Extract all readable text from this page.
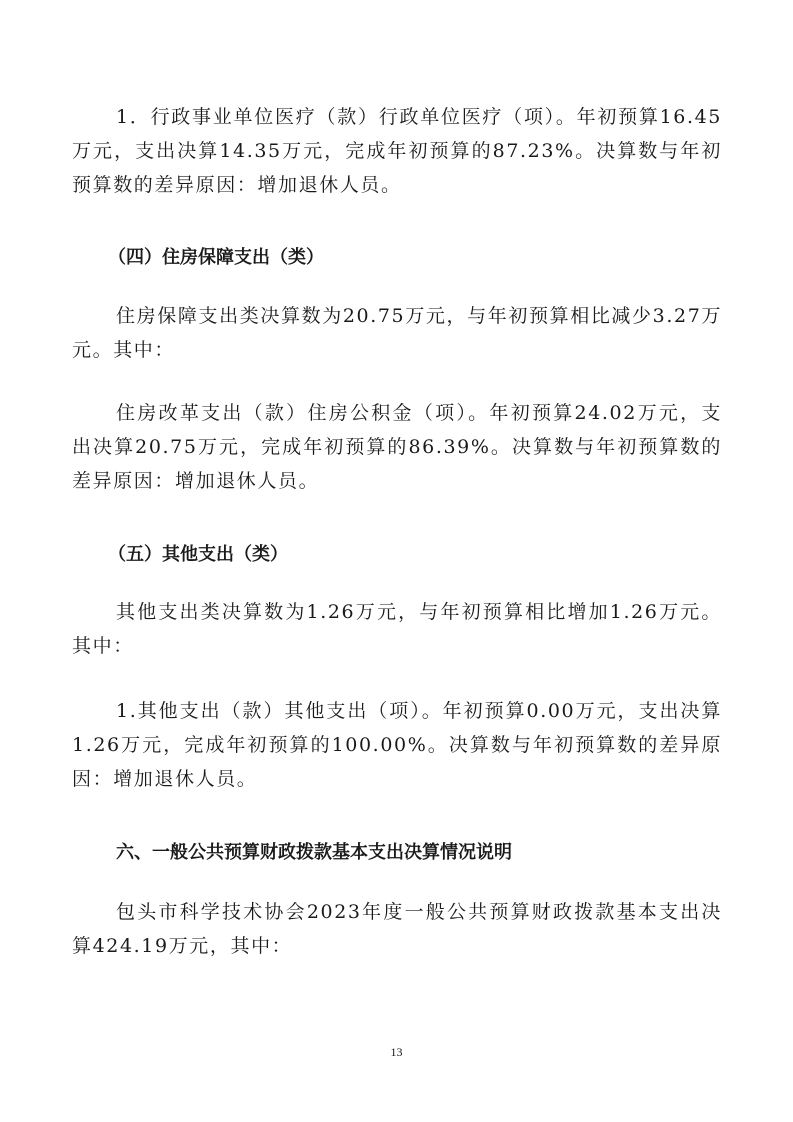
1．行政事业单位医疗（款）行政单位医疗（项）。年初预算16.45万元，支出决算14.35万元，完成年初预算的87.23%。决算数与年初预算数的差异原因：增加退休人员。

（四）住房保障支出（类）

住房保障支出类决算数为20.75万元，与年初预算相比减少3.27万元。其中：

住房改革支出（款）住房公积金（项）。年初预算24.02万元，支出决算20.75万元，完成年初预算的86.39%。决算数与年初预算数的差异原因：增加退休人员。

（五）其他支出（类）

其他支出类决算数为1.26万元，与年初预算相比增加1.26万元。其中：

1.其他支出（款）其他支出（项）。年初预算0.00万元，支出决算1.26万元，完成年初预算的100.00%。决算数与年初预算数的差异原因：增加退休人员。

六、一般公共预算财政拨款基本支出决算情况说明

包头市科学技术协会2023年度一般公共预算财政拨款基本支出决算424.19万元，其中：

13
